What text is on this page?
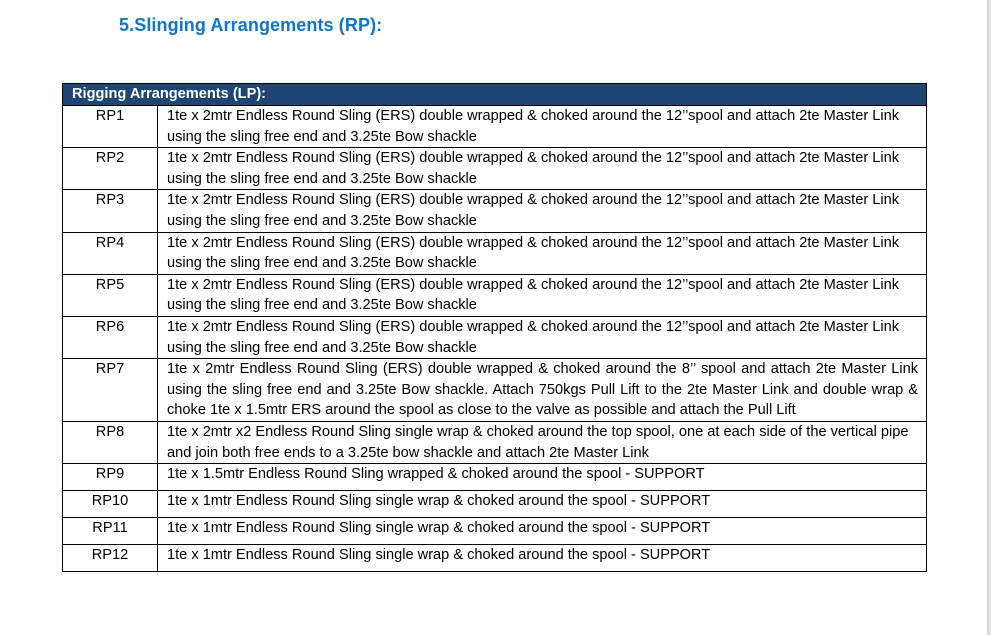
5.Slinging Arrangements (RP):
Rigging Arrangements (LP):	
RP1	1te x 2mtr Endless Round Sling (ERS) double wrapped & choked around the 12’’spool and attach 2te Master Link using the sling free end and 3.25te Bow shackle
RP2	1te x 2mtr Endless Round Sling (ERS) double wrapped & choked around the 12’’spool and attach 2te Master Link using the sling free end and 3.25te Bow shackle
RP3	1te x 2mtr Endless Round Sling (ERS) double wrapped & choked around the 12’’spool and attach 2te Master Link using the sling free end and 3.25te Bow shackle
RP4	1te x 2mtr Endless Round Sling (ERS) double wrapped & choked around the 12’’spool and attach 2te Master Link using the sling free end and 3.25te Bow shackle
RP5	1te x 2mtr Endless Round Sling (ERS) double wrapped & choked around the 12’’spool and attach 2te Master Link using the sling free end and 3.25te Bow shackle
RP6	1te x 2mtr Endless Round Sling (ERS) double wrapped & choked around the 12’’spool and attach 2te Master Link using the sling free end and 3.25te Bow shackle
RP7	1te x 2mtr Endless Round Sling (ERS) double wrapped & choked around the 8’’ spool and attach 2te Master Link using the sling free end and 3.25te Bow shackle. Attach 750kgs Pull Lift to the 2te Master Link and double wrap & choke 1te x 1.5mtr ERS around the spool as close to the valve as possible and attach the Pull Lift
RP8	1te x 2mtr x2 Endless Round Sling single wrap & choked around the top spool, one at each side of the vertical pipe and join both free ends to a 3.25te bow shackle and attach 2te Master Link
RP9	1te x 1.5mtr Endless Round Sling wrapped & choked around the spool - SUPPORT
RP10	1te x 1mtr Endless Round Sling single wrap & choked around the spool - SUPPORT
RP11	1te x 1mtr Endless Round Sling single wrap & choked around the spool - SUPPORT
RP12	1te x 1mtr Endless Round Sling single wrap & choked around the spool - SUPPORT
